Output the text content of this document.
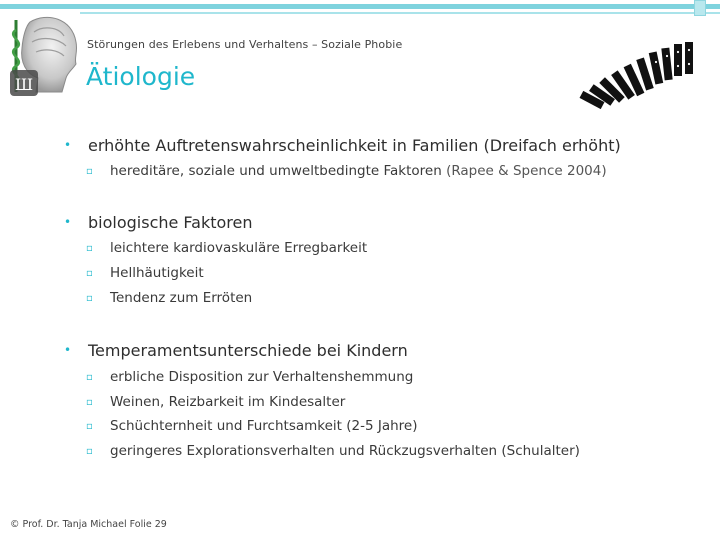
Ш
Störungen des Erlebens und Verhaltens – Soziale Phobie
Ätiologie
• erhöhte Auftretenswahrscheinlichkeit in Familien (Dreifach erhöht)
▫ hereditäre, soziale und umweltbedingte Faktoren (Rapee & Spence 2004)
• biologische Faktoren
▫ leichtere kardiovaskuläre Erregbarkeit
▫ Hellhäutigkeit
▫ Tendenz zum Erröten
• Temperamentsunterschiede bei Kindern
▫ erbliche Disposition zur Verhaltenshemmung
▫ Weinen, Reizbarkeit im Kindesalter
▫ Schüchternheit und Furchtsamkeit (2-5 Jahre)
▫ geringeres Explorationsverhalten und Rückzugsverhalten (Schulalter)
© Prof. Dr. Tanja Michael Folie 29
